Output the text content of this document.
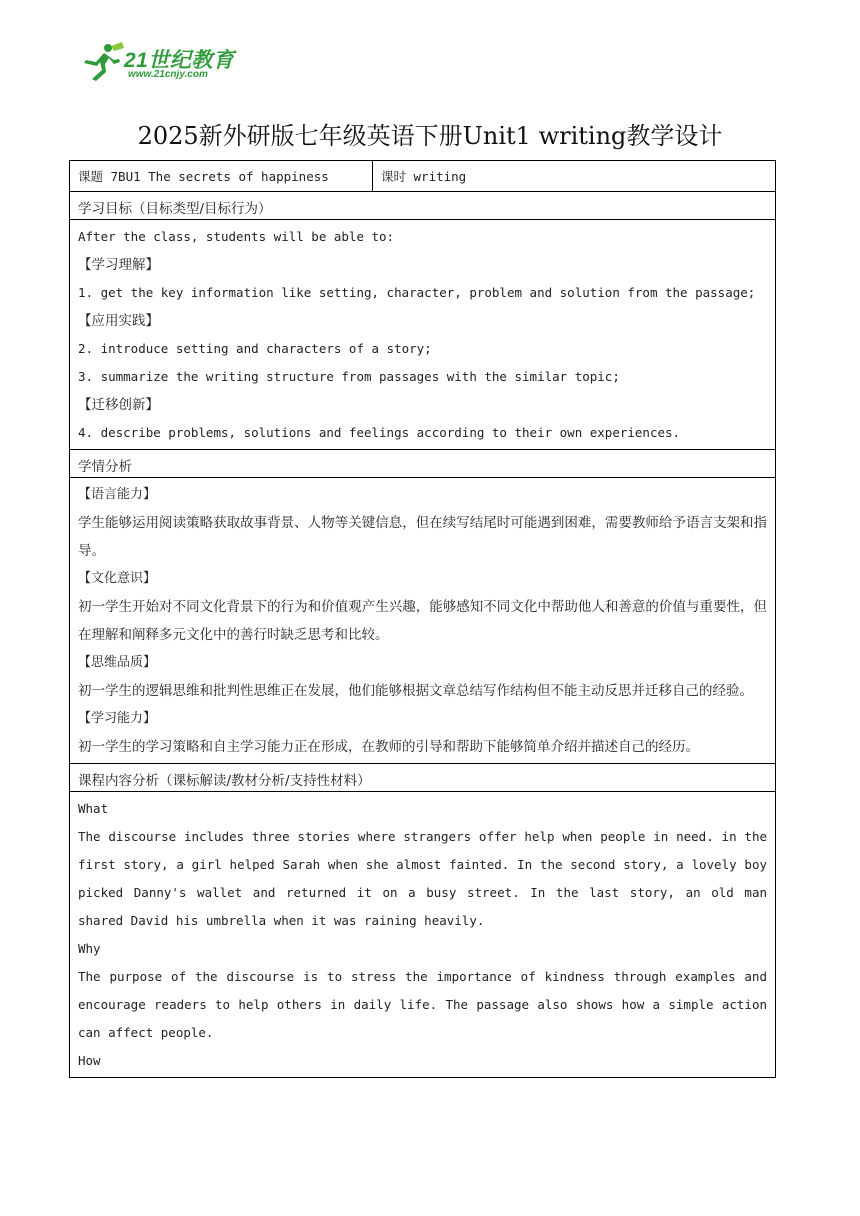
21世纪教育
www.21cnjy.com
2025新外研版七年级英语下册Unit1 writing教学设计
课题 7BU1 The secrets of happiness	课时 writing
学习目标（目标类型/目标行为）
After the class, students will be able to:
【学习理解】
1. get the key information like setting, character, problem and solution from the passage;
【应用实践】
2. introduce setting and characters of a story;
3. summarize the writing structure from passages with the similar topic;
【迁移创新】
4. describe problems, solutions and feelings according to their own experiences.
学情分析
【语言能力】
学生能够运用阅读策略获取故事背景、人物等关键信息，但在续写结尾时可能遇到困难，需要教师给予语言支架和指导。
【文化意识】
初一学生开始对不同文化背景下的行为和价值观产生兴趣，能够感知不同文化中帮助他人和善意的价值与重要性，但在理解和阐释多元文化中的善行时缺乏思考和比较。
【思维品质】
初一学生的逻辑思维和批判性思维正在发展，他们能够根据文章总结写作结构但不能主动反思并迁移自己的经验。
【学习能力】
初一学生的学习策略和自主学习能力正在形成，在教师的引导和帮助下能够简单介绍并描述自己的经历。
课程内容分析（课标解读/教材分析/支持性材料）
What
The discourse includes three stories where strangers offer help when people in need. in the first story, a girl helped Sarah when she almost fainted. In the second story, a lovely boy picked Danny's wallet and returned it on a busy street. In the last story, an old man shared David his umbrella when it was raining heavily.
Why
The purpose of the discourse is to stress the importance of kindness through examples and encourage readers to help others in daily life. The passage also shows how a simple action can affect people.
How
